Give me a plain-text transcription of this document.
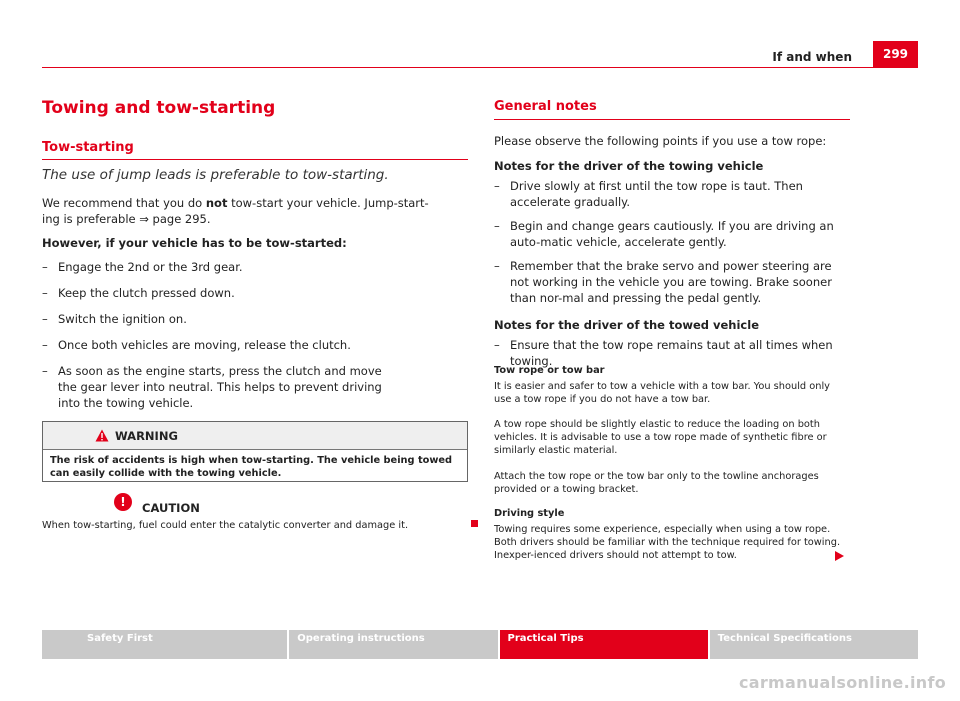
If and when	299
Towing and tow-starting
Tow-starting
The use of jump leads is preferable to tow-starting.

We recommend that you do not tow-start your vehicle. Jump-start-
ing is preferable ⇒ page 295.

However, if your vehicle has to be tow-started:

– Engage the 2nd or the 3rd gear.
– Keep the clutch pressed down.
– Switch the ignition on.
– Once both vehicles are moving, release the clutch.
– As soon as the engine starts, press the clutch and move the gear lever into neutral. This helps to prevent driving into the towing vehicle.
WARNING
The risk of accidents is high when tow-starting. The vehicle being towed can easily collide with the towing vehicle.
!	CAUTION

When tow-starting, fuel could enter the catalytic converter and damage it.

General notes

Please observe the following points if you use a tow rope:

Notes for the driver of the towing vehicle

– Drive slowly at first until the tow rope is taut. Then accelerate gradually.
– Begin and change gears cautiously. If you are driving an auto-matic vehicle, accelerate gently.
– Remember that the brake servo and power steering are not working in the vehicle you are towing. Brake sooner than nor-mal and pressing the pedal gently.

Notes for the driver of the towed vehicle

– Ensure that the tow rope remains taut at all times when towing.

Tow rope or tow bar

It is easier and safer to tow a vehicle with a tow bar. You should only use a tow rope if you do not have a tow bar.

A tow rope should be slightly elastic to reduce the loading on both vehicles. It is advisable to use a tow rope made of synthetic fibre or similarly elastic material.

Attach the tow rope or the tow bar only to the towline anchorages provided or a towing bracket.

Driving style

Towing requires some experience, especially when using a tow rope. Both drivers should be familiar with the technique required for towing. Inexper-ienced drivers should not attempt to tow.

Safety First	Operating instructions	Practical Tips	Technical Specifications
carmanualsonline.info
